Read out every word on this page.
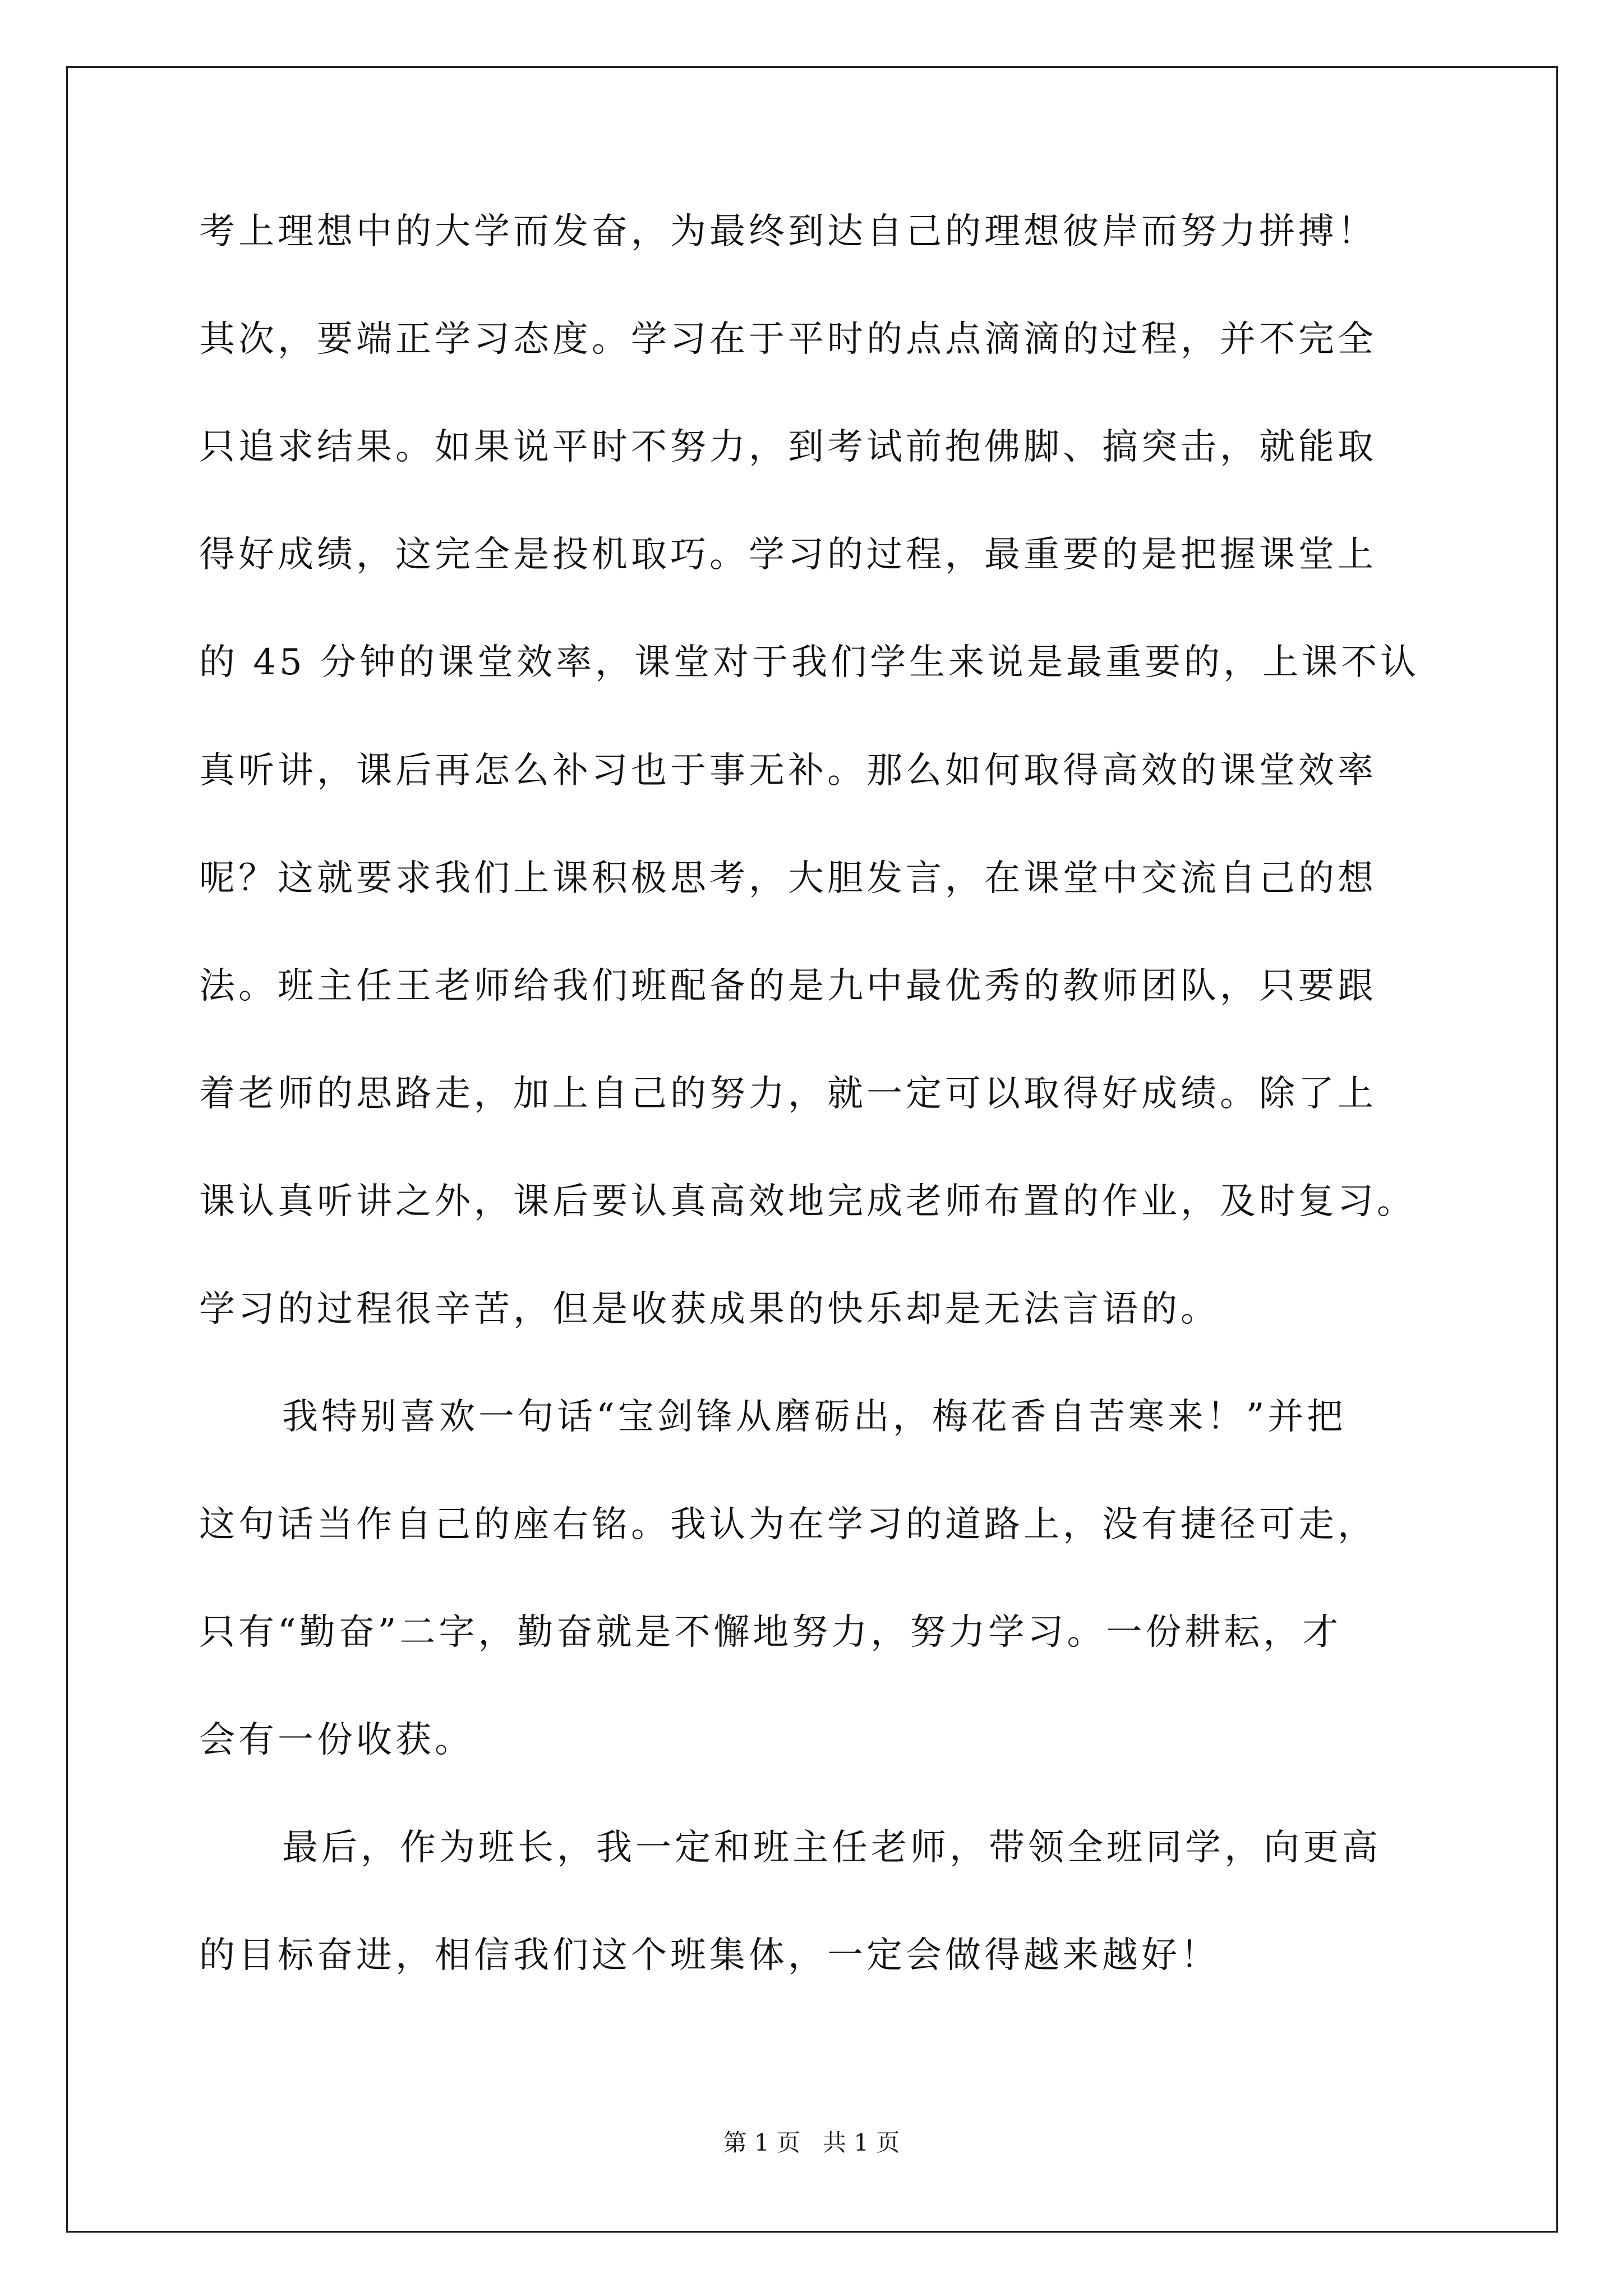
考上理想中的大学而发奋，为最终到达自己的理想彼岸而努力拼搏！
其次，要端正学习态度。学习在于平时的点点滴滴的过程，并不完全
只追求结果。如果说平时不努力，到考试前抱佛脚、搞突击，就能取
得好成绩，这完全是投机取巧。学习的过程，最重要的是把握课堂上
的 45 分钟的课堂效率，课堂对于我们学生来说是最重要的，上课不认
真听讲，课后再怎么补习也于事无补。那么如何取得高效的课堂效率
呢？这就要求我们上课积极思考，大胆发言，在课堂中交流自己的想
法。班主任王老师给我们班配备的是九中最优秀的教师团队，只要跟
着老师的思路走，加上自己的努力，就一定可以取得好成绩。除了上
课认真听讲之外，课后要认真高效地完成老师布置的作业，及时复习。
学习的过程很辛苦，但是收获成果的快乐却是无法言语的。
我特别喜欢一句话“宝剑锋从磨砺出，梅花香自苦寒来！”并把
这句话当作自己的座右铭。我认为在学习的道路上，没有捷径可走，
只有“勤奋”二字，勤奋就是不懈地努力，努力学习。一份耕耘，才
会有一份收获。
最后，作为班长，我一定和班主任老师，带领全班同学，向更高
的目标奋进，相信我们这个班集体，一定会做得越来越好！
第 1 页 共 1 页
